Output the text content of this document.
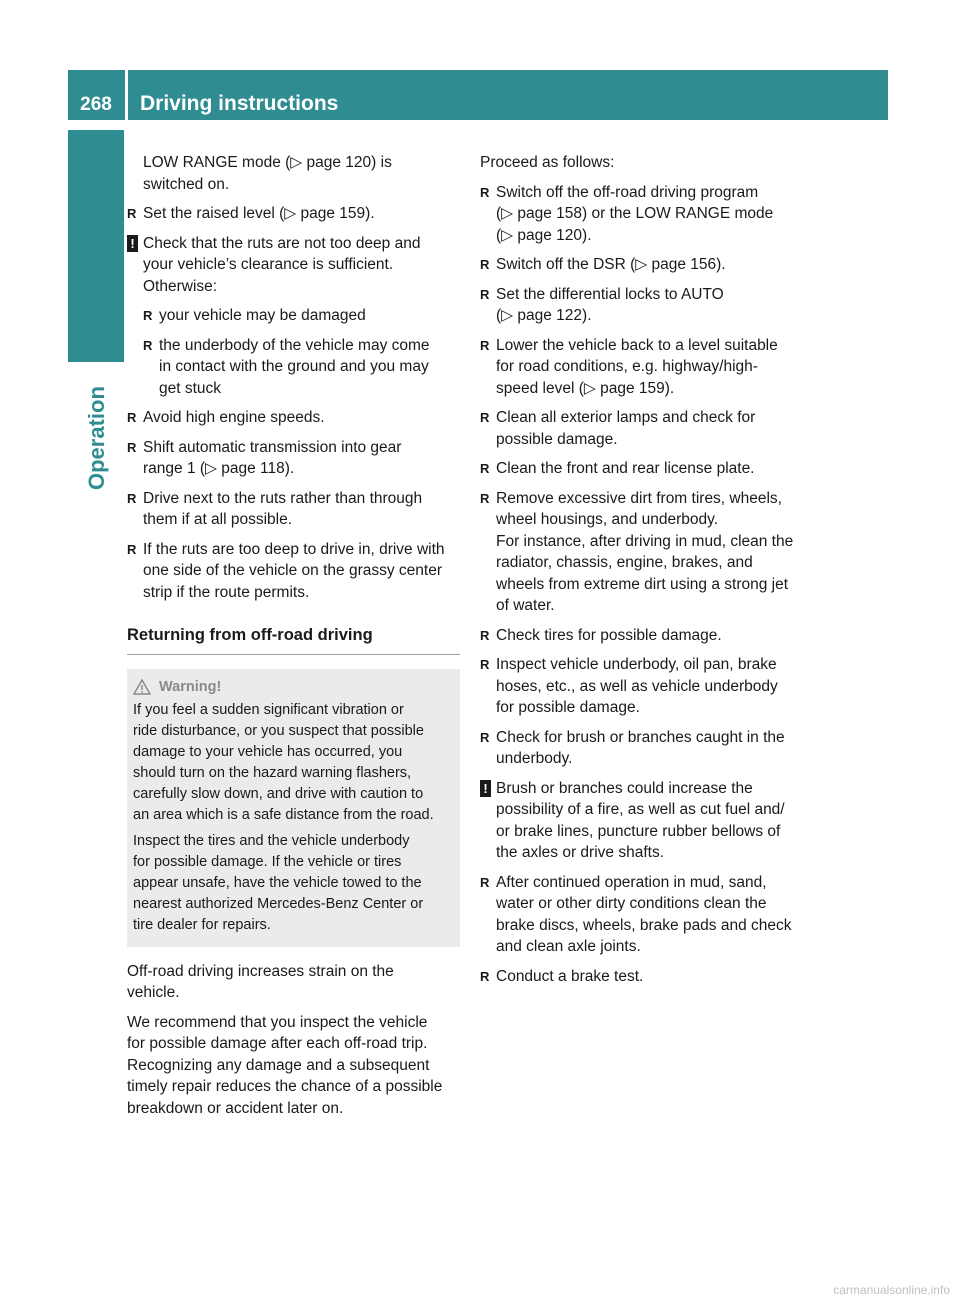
268	Driving instructions
Operation
LOW RANGE mode (▷ page 120) is
switched on.
R Set the raised level (▷ page 159).
! Check that the ruts are not too deep and
your vehicle’s clearance is sufficient.
Otherwise:
R your vehicle may be damaged
R the underbody of the vehicle may come
in contact with the ground and you may
get stuck
R Avoid high engine speeds.
R Shift automatic transmission into gear
range 1 (▷ page 118).
R Drive next to the ruts rather than through
them if at all possible.
R If the ruts are too deep to drive in, drive with
one side of the vehicle on the grassy center
strip if the route permits.
Returning from off-road driving
Warning!

If you feel a sudden significant vibration or
ride disturbance, or you suspect that possible
damage to your vehicle has occurred, you
should turn on the hazard warning flashers,
carefully slow down, and drive with caution to
an area which is a safe distance from the road.

Inspect the tires and the vehicle underbody
for possible damage. If the vehicle or tires
appear unsafe, have the vehicle towed to the
nearest authorized Mercedes-Benz Center or
tire dealer for repairs.

Off-road driving increases strain on the
vehicle.
We recommend that you inspect the vehicle
for possible damage after each off-road trip.
Recognizing any damage and a subsequent
timely repair reduces the chance of a possible
breakdown or accident later on.
Proceed as follows:
R Switch off the off-road driving program
(▷ page 158) or the LOW RANGE mode
(▷ page 120).
R Switch off the DSR (▷ page 156).
R Set the differential locks to AUTO
(▷ page 122).
R Lower the vehicle back to a level suitable
for road conditions, e.g. highway/high-
speed level (▷ page 159).
R Clean all exterior lamps and check for
possible damage.
R Clean the front and rear license plate.
R Remove excessive dirt from tires, wheels,
wheel housings, and underbody.
For instance, after driving in mud, clean the
radiator, chassis, engine, brakes, and
wheels from extreme dirt using a strong jet
of water.
R Check tires for possible damage.
R Inspect vehicle underbody, oil pan, brake
hoses, etc., as well as vehicle underbody
for possible damage.
R Check for brush or branches caught in the
underbody.
! Brush or branches could increase the
possibility of a fire, as well as cut fuel and/
or brake lines, puncture rubber bellows of
the axles or drive shafts.
R After continued operation in mud, sand,
water or other dirty conditions clean the
brake discs, wheels, brake pads and check
and clean axle joints.
R Conduct a brake test.
carmanualsonline.info
